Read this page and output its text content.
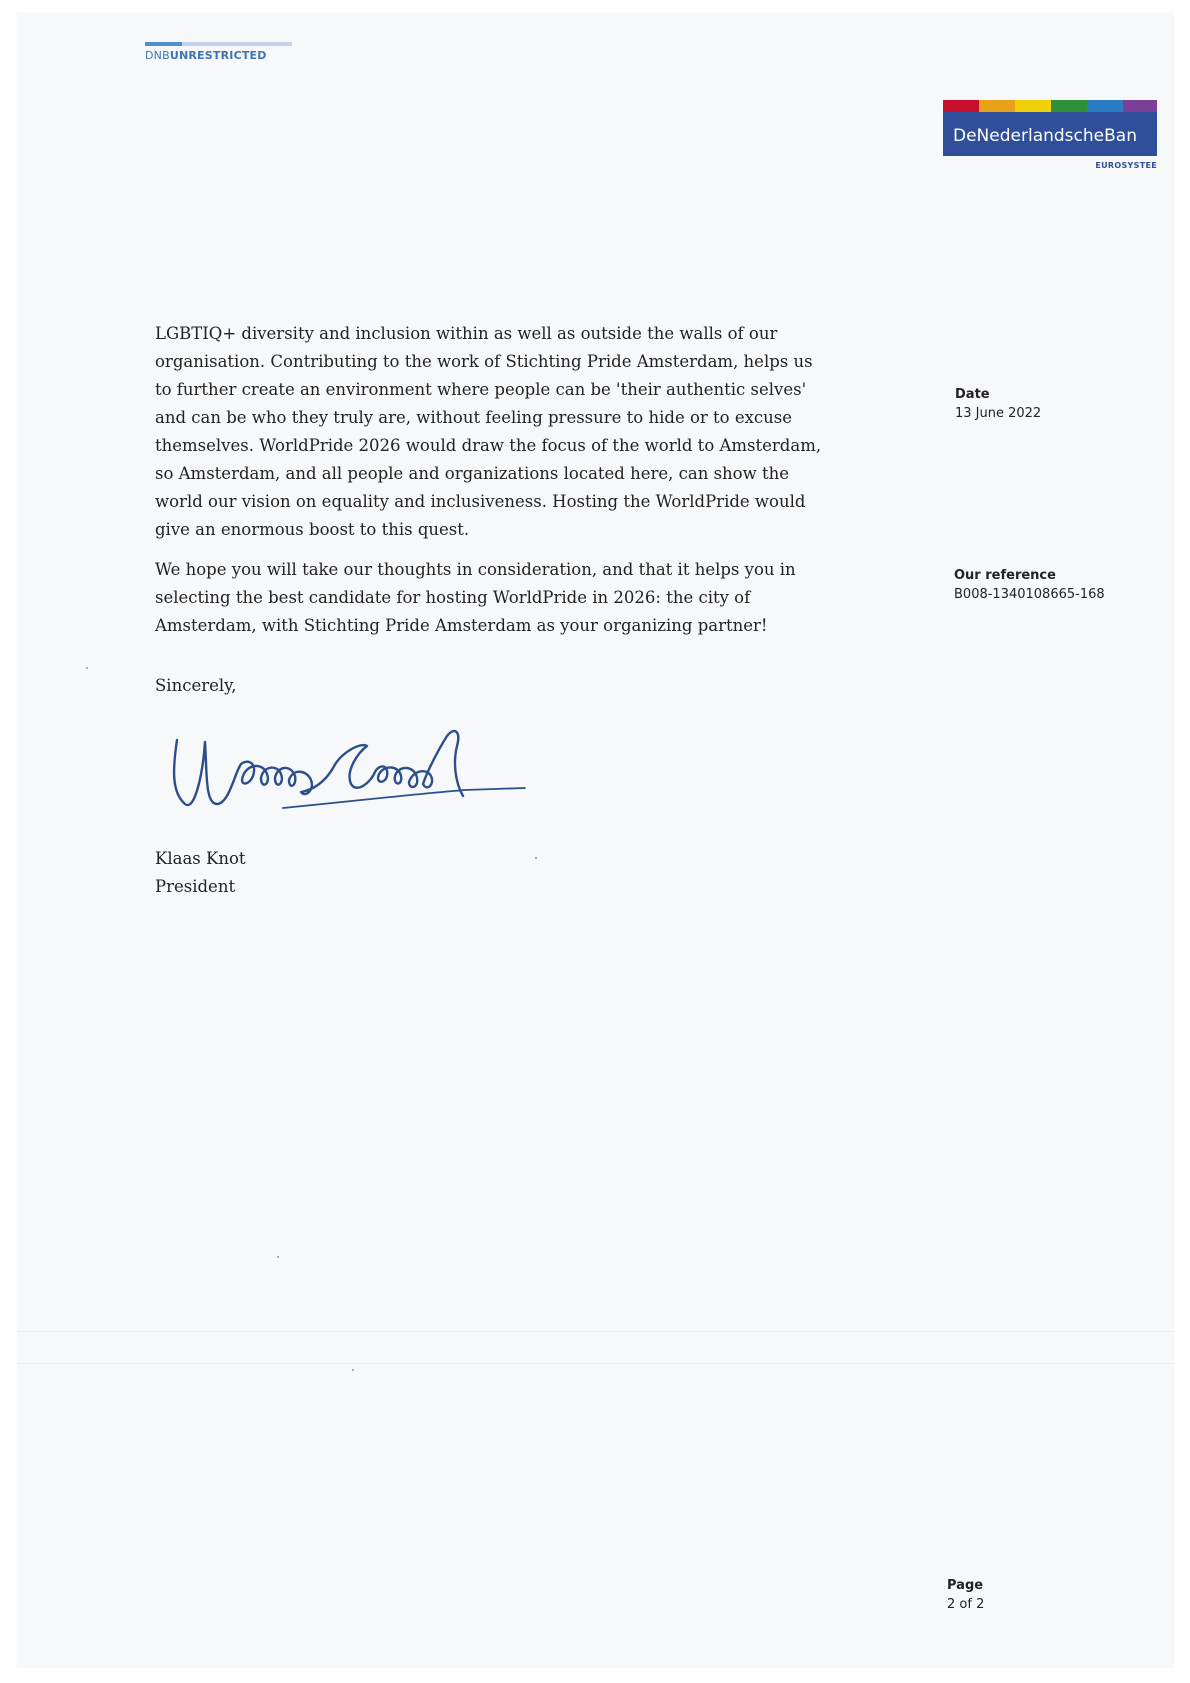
DNBUNRESTRICTED
DeNederlandscheBan
EUROSYSTEE

LGBTIQ+ diversity and inclusion within as well as outside the walls of our organisation. Contributing to the work of Stichting Pride Amsterdam, helps us to further create an environment where people can be 'their authentic selves' and can be who they truly are, without feeling pressure to hide or to excuse themselves. WorldPride 2026 would draw the focus of the world to Amsterdam, so Amsterdam, and all people and organizations located here, can show the world our vision on equality and inclusiveness. Hosting the WorldPride would give an enormous boost to this quest.

We hope you will take our thoughts in consideration, and that it helps you in selecting the best candidate for hosting WorldPride in 2026: the city of Amsterdam, with Stichting Pride Amsterdam as your organizing partner!

Sincerely,
Klaas Knot
President
Date
13 June 2022
Our reference
B008-1340108665-168
Page
2 of 2
